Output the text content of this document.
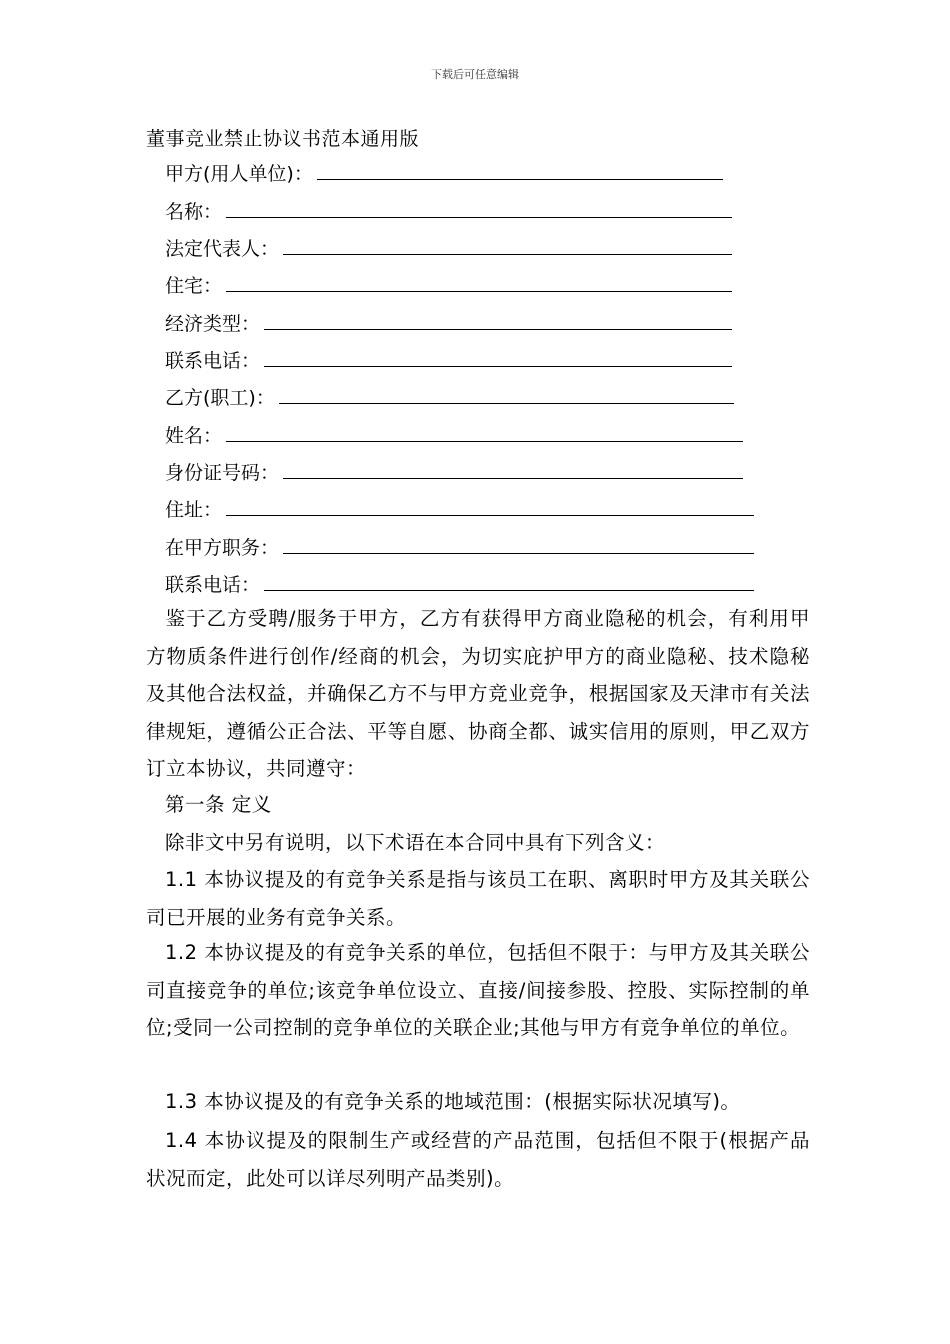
下载后可任意编辑
董事竞业禁止协议书范本通用版
甲方(用人单位)：
名称：
法定代表人：
住宅：
经济类型：
联系电话：
乙方(职工)：
姓名：
身份证号码：
住址：
在甲方职务：
联系电话：
鉴于乙方受聘/服务于甲方，乙方有获得甲方商业隐秘的机会，有利用甲方物质条件进行创作/经商的机会，为切实庇护甲方的商业隐秘、技术隐秘及其他合法权益，并确保乙方不与甲方竞业竞争，根据国家及天津市有关法律规矩，遵循公正合法、平等自愿、协商全都、诚实信用的原则，甲乙双方订立本协议，共同遵守：
第一条 定义
除非文中另有说明，以下术语在本合同中具有下列含义：
1.1 本协议提及的有竞争关系是指与该员工在职、离职时甲方及其关联公司已开展的业务有竞争关系。
1.2 本协议提及的有竞争关系的单位，包括但不限于：与甲方及其关联公司直接竞争的单位;该竞争单位设立、直接/间接参股、控股、实际控制的单位;受同一公司控制的竞争单位的关联企业;其他与甲方有竞争单位的单位。
1.3 本协议提及的有竞争关系的地域范围：(根据实际状况填写)。
1.4 本协议提及的限制生产或经营的产品范围，包括但不限于(根据产品状况而定，此处可以详尽列明产品类别)。
